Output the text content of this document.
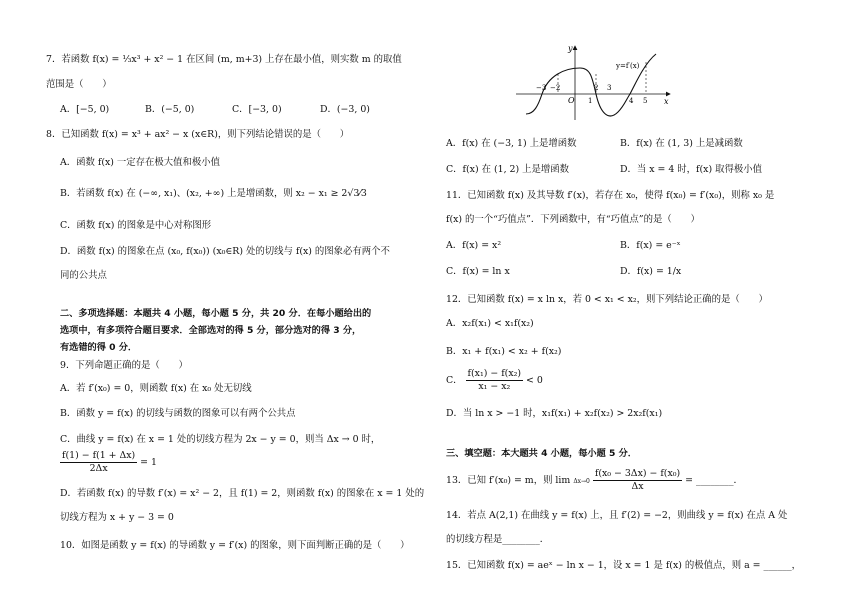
7．若函数 f(x) = ⅓x³ + x² − 1 在区间 (m, m+3) 上存在最小值，则实数 m 的取值
范围是（　　）
A．[−5, 0)	B．(−5, 0)	C．[−3, 0)	D．(−3, 0)
8．已知函数 f(x) = x³ + ax² − x (x∈R)，则下列结论错误的是（　　）
A．函数 f(x) 一定存在极大值和极小值
B．若函数 f(x) 在 (−∞, x₁)、(x₂, +∞) 上是增函数，则 x₂ − x₁ ≥ 2√3⁄3
C．函数 f(x) 的图象是中心对称图形
D．函数 f(x) 的图象在点 (x₀, f(x₀)) (x₀∈R) 处的切线与 f(x) 的图象必有两个不
同的公共点
二、多项选择题：本题共 4 小题，每小题 5 分，共 20 分．在每小题给出的
选项中，有多项符合题目要求．全部选对的得 5 分，部分选对的得 3 分，
有选错的得 0 分．
9．下列命题正确的是（　　）
A．若 f′(x₀) = 0，则函数 f(x) 在 x₀ 处无切线
B．函数 y = f(x) 的切线与函数的图象可以有两个公共点
C．曲线 y = f(x) 在 x = 1 处的切线方程为 2x − y = 0，则当 Δx → 0 时，
$\frac{f(1) - f(1 + \Delta x)}{2\Delta x} = 1$
D．若函数 f(x) 的导数 f′(x) = x² − 2，且 f(1) = 2，则函数 f(x) 的图象在 x = 1 处的
切线方程为 x + y − 3 = 0
10．如图是函数 y = f(x) 的导函数 y = f′(x) 的图象，则下面判断正确的是（　　）
y
x
O
y=f′(x)
−3 −2
1
2 3
4 5
A．f(x) 在 (−3, 1) 上是增函数	B．f(x) 在 (1, 3) 上是减函数
C．f(x) 在 (1, 2) 上是增函数	D．当 x = 4 时，f(x) 取得极小值
11．已知函数 f(x) 及其导数 f′(x)，若存在 x₀，使得 f(x₀) = f′(x₀)，则称 x₀ 是
f(x) 的一个“巧值点”．下列函数中，有“巧值点”的是（　　）
A．f(x) = x²	B．f(x) = e⁻ˣ
C．f(x) = ln x	D．f(x) = 1/x
12．已知函数 f(x) = x ln x，若 0 < x₁ < x₂，则下列结论正确的是（　　）
A．x₂f(x₁) < x₁f(x₂)
B．x₁ + f(x₁) < x₂ + f(x₂)
C． $\frac{\text{f(x₁) − f(x₂)}}{\text{x₁ − x₂}} < 0$
D．当 ln x > −1 时，x₁f(x₁) + x₂f(x₂) > 2x₂f(x₁)
三、填空题：本大题共 4 小题，每小题 5 分．
13．已知 f′(x₀) = m，则 $\lim \Delta x\to 0 \frac{\text{f(x₀ − 3Δx) − f(x₀)}}{\Delta x}$ = ________．
14．若点 A(2,1) 在曲线 y = f(x) 上，且 f′(2) = −2，则曲线 y = f(x) 在点 A 处
的切线方程是________．
15．已知函数 f(x) = aeˣ − ln x − 1，设 x = 1 是 f(x) 的极值点，则 a = ______，
